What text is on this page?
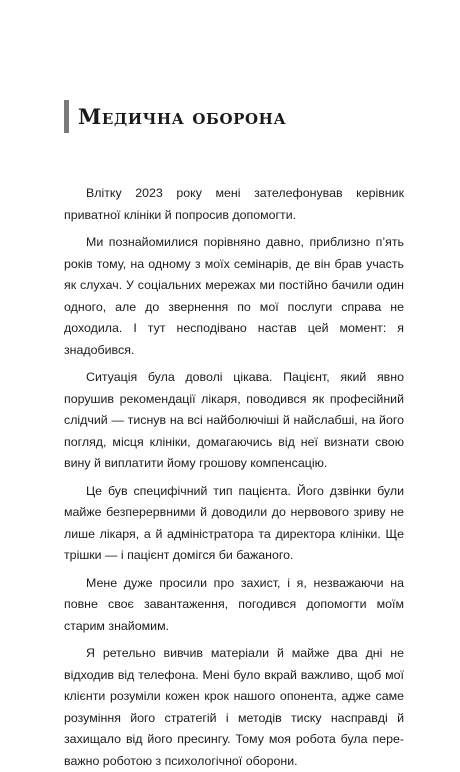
Медична оборона

Влітку 2023 року мені зателефонував керівник приватної клініки й попросив допомогти.

Ми познайомилися порівняно давно, приблизно п’ять років тому, на одному з моїх семінарів, де він брав участь як слухач. У соціальних мережах ми постійно бачили один одного, але до звернення по мої послуги справа не доходила. І тут несподівано настав цей момент: я знадобився.

Ситуація була доволі цікава. Пацієнт, який явно порушив рекомендації лікаря, поводився як професійний слідчий — тиснув на всі найболючіші й найслабші, на його погляд, місця клініки, домагаючись від неї визнати свою вину й виплатити йому грошову компенсацію.

Це був специфічний тип пацієнта. Його дзвінки були майже безперервними й доводили до нервового зриву не лише лікаря, а й адміністратора та директора клініки. Ще трішки — і пацієнт домігся би бажаного.

Мене дуже просили про захист, і я, незважаючи на повне своє завантаження, погодився допомогти моїм старим знайомим.

Я ретельно вивчив матеріали й майже два дні не відходив від телефона. Мені було вкрай важливо, щоб мої клієнти розуміли кожен крок нашого опонента, адже саме розуміння його стратегій і методів тиску насправді й захищало від його пресингу. Тому моя робота була переважно роботою з психологічної оборони.
